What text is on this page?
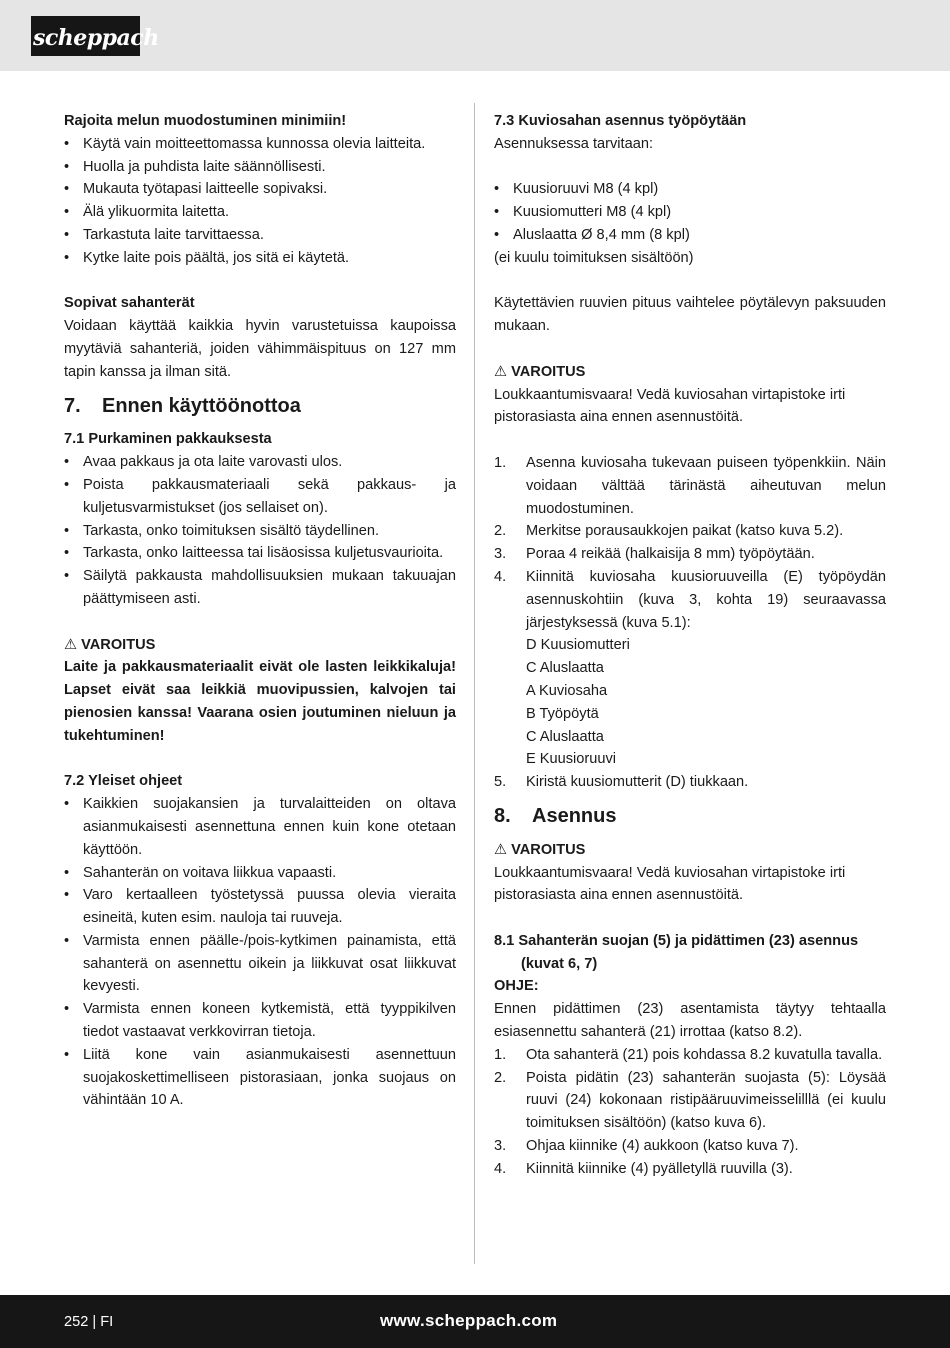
scheppach

Rajoita melun muodostuminen minimiin!

• Käytä vain moitteettomassa kunnossa olevia laitteita.

• Huolla ja puhdista laite säännöllisesti.

• Mukauta työtapasi laitteelle sopivaksi.

• Älä ylikuormita laitetta.

• Tarkastuta laite tarvittaessa.

• Kytke laite pois päältä, jos sitä ei käytetä.

Sopivat sahanterät

Voidaan käyttää kaikkia hyvin varustetuissa kaupoissa myytäviä sahanteriä, joiden vähimmäispituus on 127 mm tapin kanssa ja ilman sitä.

7. Ennen käyttöönottoa

7.1 Purkaminen pakkauksesta

• Avaa pakkaus ja ota laite varovasti ulos.

• Poista pakkausmateriaali sekä pakkaus- ja kuljetusvarmistukset (jos sellaiset on).

• Tarkasta, onko toimituksen sisältö täydellinen.

• Tarkasta, onko laitteessa tai lisäosissa kuljetusvaurioita.

• Säilytä pakkausta mahdollisuuksien mukaan takuuajan päättymiseen asti.

⚠ VAROITUS

Laite ja pakkausmateriaalit eivät ole lasten leikkikaluja! Lapset eivät saa leikkiä muovipussien, kalvojen tai pienosien kanssa! Vaarana osien joutuminen nieluun ja tukehtuminen!

7.2 Yleiset ohjeet

• Kaikkien suojakansien ja turvalaitteiden on oltava asianmukaisesti asennettuna ennen kuin kone otetaan käyttöön.

• Sahanterän on voitava liikkua vapaasti.

• Varo kertaalleen työstetyssä puussa olevia vieraita esineitä, kuten esim. nauloja tai ruuveja.

• Varmista ennen päälle-/pois-kytkimen painamista, että sahanterä on asennettu oikein ja liikkuvat osat liikkuvat kevyesti.

• Varmista ennen koneen kytkemistä, että tyyppikilven tiedot vastaavat verkkovirran tietoja.

• Liitä kone vain asianmukaisesti asennettuun suojakoskettimelliseen pistorasiaan, jonka suojaus on vähintään 10 A.

7.3 Kuviosahan asennus työpöytään

Asennuksessa tarvitaan:

• Kuusioruuvi M8 (4 kpl)

• Kuusiomutteri M8 (4 kpl)

• Aluslaatta Ø 8,4 mm (8 kpl)

(ei kuulu toimituksen sisältöön)

Käytettävien ruuvien pituus vaihtelee pöytälevyn paksuuden mukaan.

⚠ VAROITUS

Loukkaantumisvaara! Vedä kuviosahan virtapistoke irti pistorasiasta aina ennen asennustöitä.

1. Asenna kuviosaha tukevaan puiseen työpenkkiin. Näin voidaan välttää tärinästä aiheutuvan melun muodostuminen.

2. Merkitse porausaukkojen paikat (katso kuva 5.2).

3. Poraa 4 reikää (halkaisija 8 mm) työpöytään.

4. Kiinnitä kuviosaha kuusioruuveilla (E) työpöydän asennuskohtiin (kuva 3, kohta 19) seuraavassa järjestyksessä (kuva 5.1):

D Kuusiomutteri

C Aluslaatta

A Kuviosaha

B Työpöytä

C Aluslaatta

E Kuusioruuvi

5. Kiristä kuusiomutterit (D) tiukkaan.

8. Asennus

⚠ VAROITUS

Loukkaantumisvaara! Vedä kuviosahan virtapistoke irti pistorasiasta aina ennen asennustöitä.

8.1 Sahanterän suojan (5) ja pidättimen (23) asennus (kuvat 6, 7)

OHJE:

Ennen pidättimen (23) asentamista täytyy tehtaalla esiasennettu sahanterä (21) irrottaa (katso 8.2).

1. Ota sahanterä (21) pois kohdassa 8.2 kuvatulla tavalla.

2. Poista pidätin (23) sahanterän suojasta (5): Löysää ruuvi (24) kokonaan ristipääruuvimeisselilllä (ei kuulu toimituksen sisältöön) (katso kuva 6).

3. Ohjaa kiinnike (4) aukkoon (katso kuva 7).

4. Kiinnitä kiinnike (4) pyälletyllä ruuvilla (3).

252 | FI	www.scheppach.com
